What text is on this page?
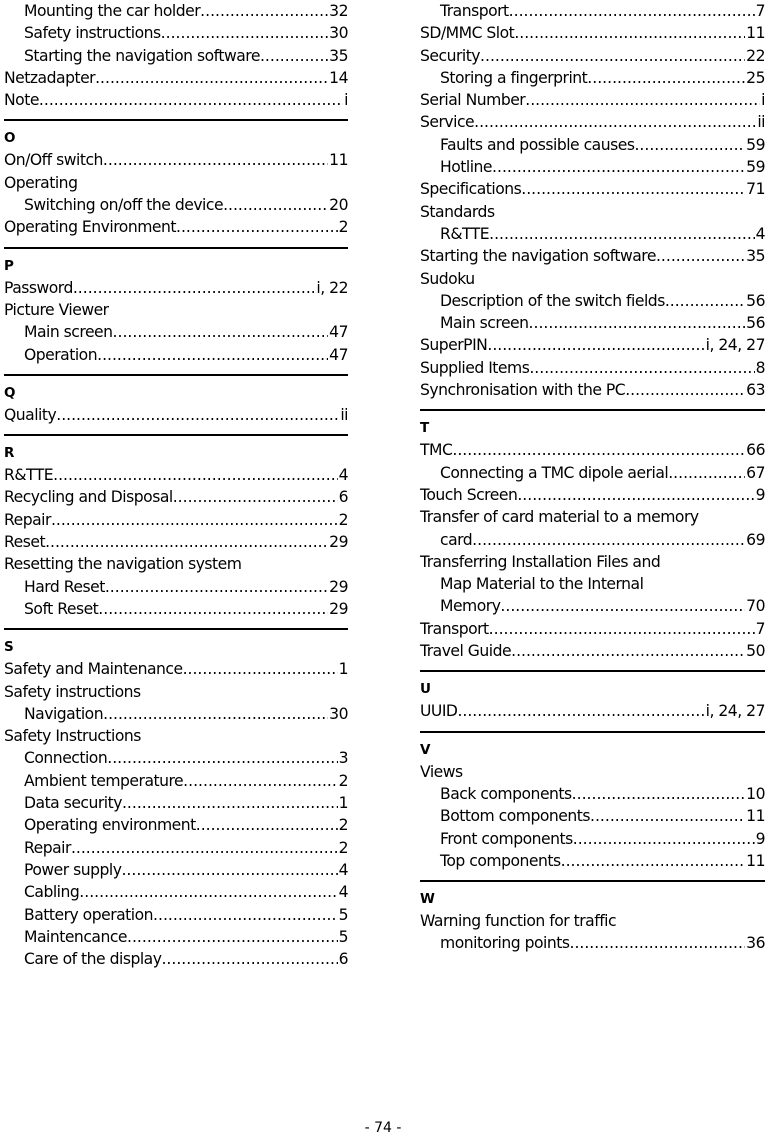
Mounting the car holder .....	32
Safety instructions .....	30
Starting the navigation software .....	35
Netzadapter .....	14
Note .....	i
O
On/Off switch .....	11
Operating
Switching on/off the device .....	20
Operating Environment .....	2
P
Password .....	i, 22
Picture Viewer
Main screen .....	47
Operation .....	47
Q
Quality .....	ii
R
R&TTE .....	4
Recycling and Disposal .....	6
Repair .....	2
Reset .....	29
Resetting the navigation system
Hard Reset .....	29
Soft Reset .....	29
S
Safety and Maintenance .....	1
Safety instructions
Navigation .....	30
Safety Instructions
Connection .....	3
Ambient temperature .....	2
Data security .....	1
Operating environment .....	2
Repair .....	2
Power supply .....	4
Cabling .....	4
Battery operation .....	5
Maintencance .....	5
Care of the display .....	6
Transport .....	7
SD/MMC Slot .....	11
Security .....	22
Storing a fingerprint .....	25
Serial Number .....	i
Service .....	ii
Faults and possible causes .....	59
Hotline .....	59
Specifications .....	71
Standards
R&TTE .....	4
Starting the navigation software .....	35
Sudoku
Description of the switch fields .....	56
Main screen .....	56
SuperPIN .....	i, 24, 27
Supplied Items .....	8
Synchronisation with the PC .....	63
T
TMC .....	66
Connecting a TMC dipole aerial .....	67
Touch Screen .....	9
Transfer of card material to a memory
card .....	69
Transferring Installation Files and
Map Material to the Internal
Memory .....	70
Transport .....	7
Travel Guide .....	50
U
UUID .....	i, 24, 27
V
Views
Back components .....	10
Bottom components .....	11
Front components .....	9
Top components .....	11
W
Warning function for traffic
monitoring points .....	36
- 74 -
